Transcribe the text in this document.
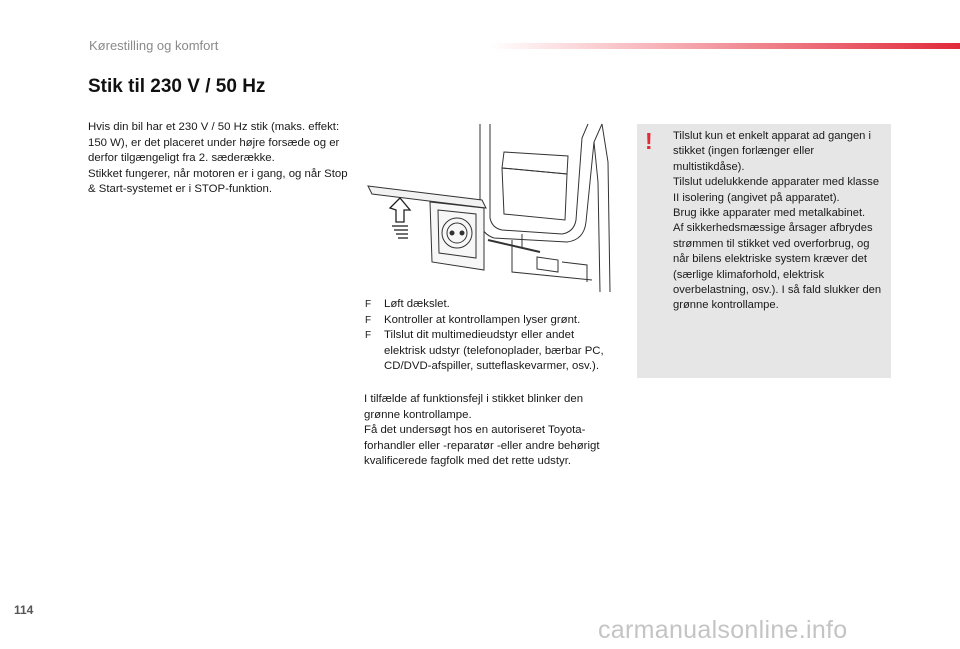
Kørestilling og komfort
Stik til 230 V / 50 Hz

Hvis din bil har et 230 V / 50 Hz stik (maks. effekt: 150 W), er det placeret under højre forsæde og er derfor tilgængeligt fra 2. sæderække.

Stikket fungerer, når motoren er i gang, og når Stop & Start-systemet er i STOP-funktion.

F Løft dækslet.
F Kontroller at kontrollampen lyser grønt.
F Tilslut dit multimedieudstyr eller andet elektrisk udstyr (telefonoplader, bærbar PC, CD/DVD-afspiller, sutteflaskevarmer, osv.).

I tilfælde af funktionsfejl i stikket blinker den grønne kontrollampe.

Få det undersøgt hos en autoriseret Toyota-forhandler eller -reparatør -eller andre behørigt kvalificerede fagfolk med det rette udstyr.

! Tilslut kun et enkelt apparat ad gangen i stikket (ingen forlænger eller multistikdåse).

Tilslut udelukkende apparater med klasse II isolering (angivet på apparatet).

Brug ikke apparater med metalkabinet.

Af sikkerhedsmæssige årsager afbrydes strømmen til stikket ved overforbrug, og når bilens elektriske system kræver det (særlige klimaforhold, elektrisk overbelastning, osv.). I så fald slukker den grønne kontrollampe.

114
carmanualsonline.info
